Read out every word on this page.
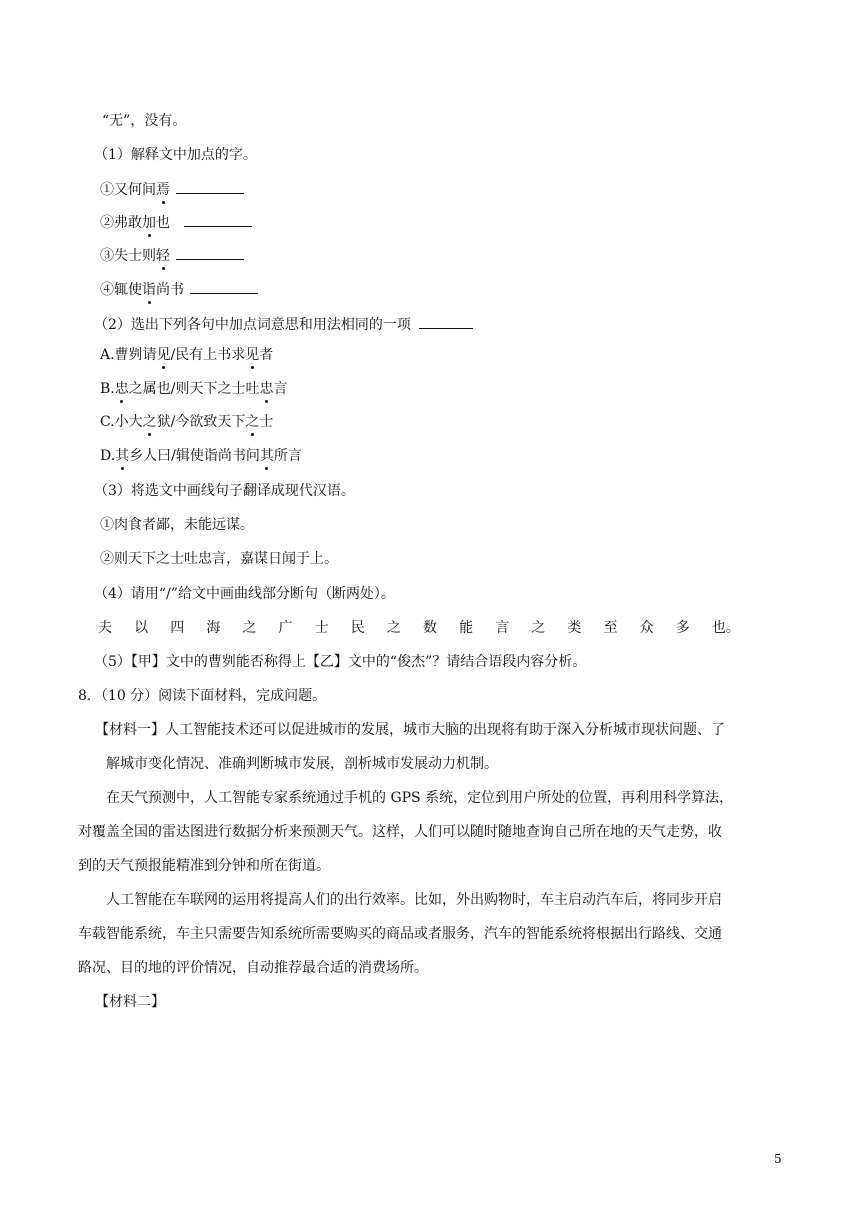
“无”，没有。
（1）解释文中加点的字。
①又何间焉
②弗敢加也
③失士则轻
④辄使诣尚书
（2）选出下列各句中加点词意思和用法相同的一项
A.曹刿请见/民有上书求见者
B.忠之属也/则天下之士吐忠言
C.小大之狱/今欲致天下之士
D.其乡人曰/辑使诣尚书问其所言
（3）将选文中画线句子翻译成现代汉语。
①肉食者鄙，未能远谋。
②则天下之士吐忠言，嘉谋日闻于上。
（4）请用“/”给文中画曲线部分断句（断两处）。
夫 以 四 海 之 广 士 民 之 数 能 言 之 类 至 众 多 也。
（5）【甲】文中的曹刿能否称得上【乙】文中的“俊杰”？请结合语段内容分析。
8．（10 分）阅读下面材料，完成问题。
【材料一】人工智能技术还可以促进城市的发展，城市大脑的出现将有助于深入分析城市现状问题、了
解城市变化情况、准确判断城市发展，剖析城市发展动力机制。
在天气预测中，人工智能专家系统通过手机的 GPS 系统，定位到用户所处的位置，再利用科学算法，
对覆盖全国的雷达图进行数据分析来预测天气。这样，人们可以随时随地查询自己所在地的天气走势，收
到的天气预报能精准到分钟和所在街道。
人工智能在车联网的运用将提高人们的出行效率。比如，外出购物时，车主启动汽车后，将同步开启
车载智能系统，车主只需要告知系统所需要购买的商品或者服务，汽车的智能系统将根据出行路线、交通
路况、目的地的评价情况，自动推荐最合适的消费场所。
【材料二】
5
